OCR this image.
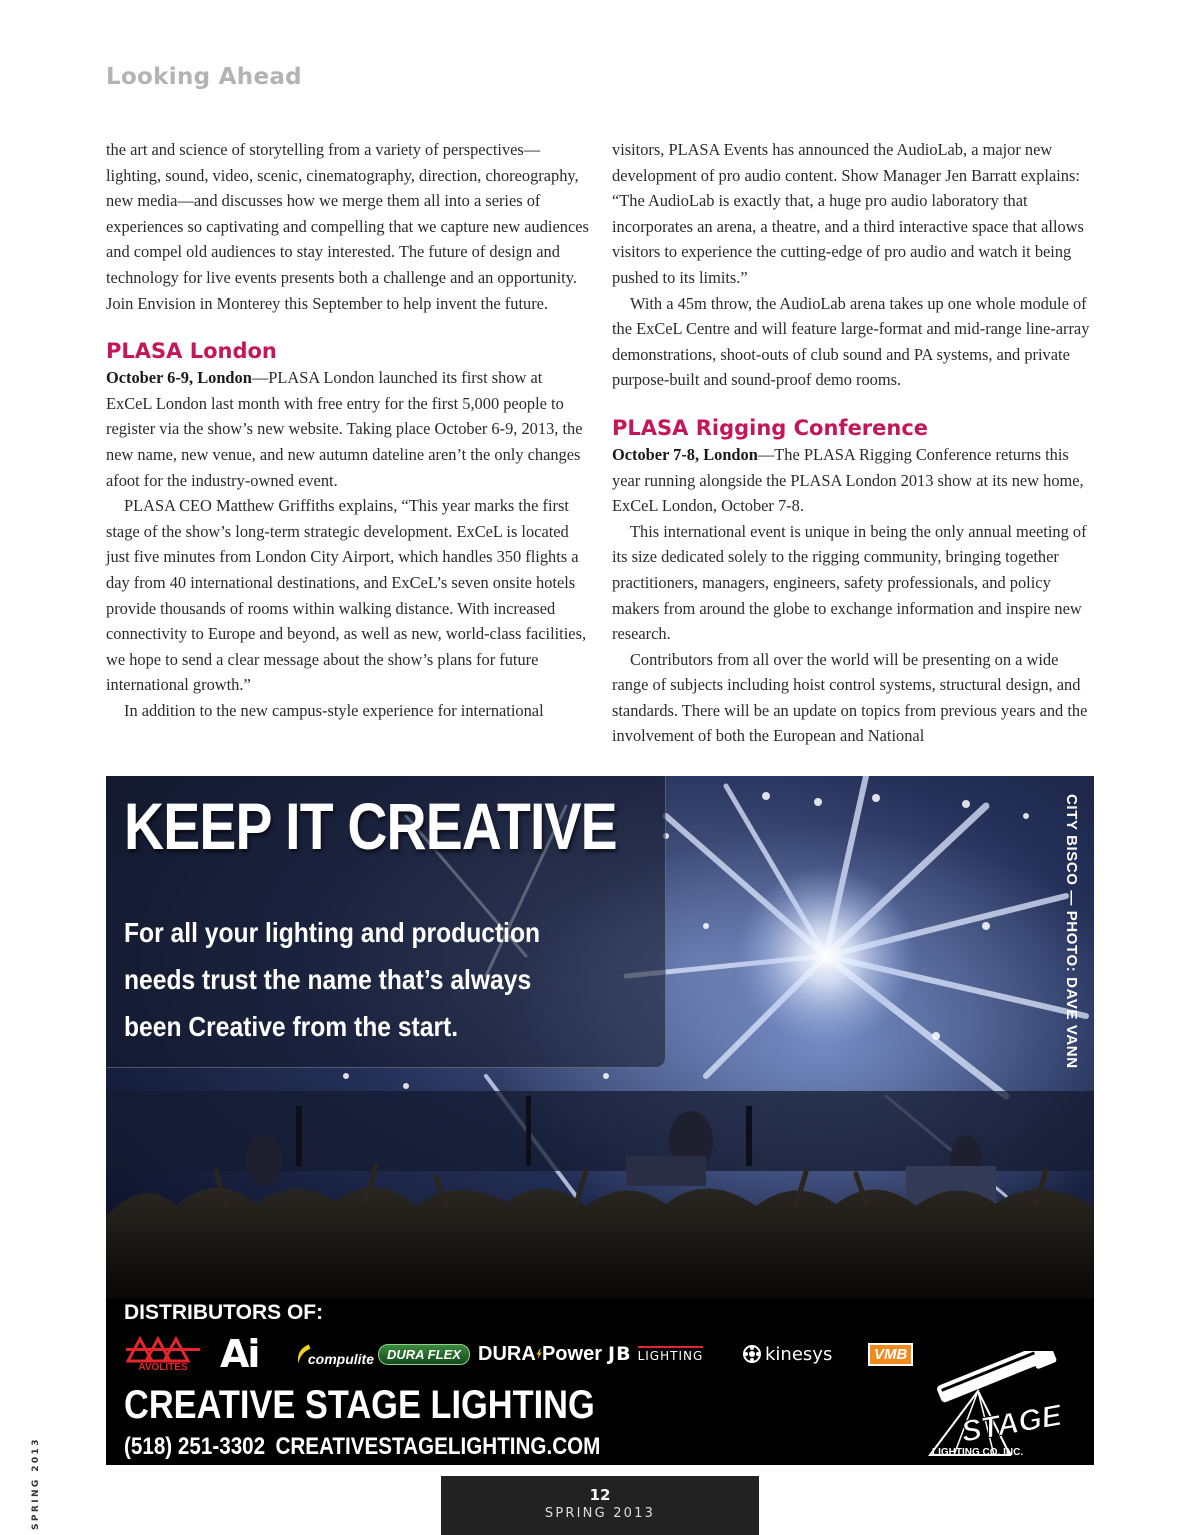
Looking Ahead

the art and science of storytelling from a variety of perspectives—lighting, sound, video, scenic, cinematography, direction, choreography, new media—and discusses how we merge them all into a series of experiences so captivating and compelling that we capture new audiences and compel old audiences to stay interested. The future of design and technology for live events presents both a challenge and an opportunity. Join Envision in Monterey this September to help invent the future.

PLASA London

October 6-9, London—PLASA London launched its first show at ExCeL London last month with free entry for the first 5,000 people to register via the show’s new website. Taking place October 6-9, 2013, the new name, new venue, and new autumn dateline aren’t the only changes afoot for the industry-owned event.

PLASA CEO Matthew Griffiths explains, “This year marks the first stage of the show’s long-term strategic development. ExCeL is located just five minutes from London City Airport, which handles 350 flights a day from 40 international destinations, and ExCeL’s seven onsite hotels provide thousands of rooms within walking distance. With increased connectivity to Europe and beyond, as well as new, world-class facilities, we hope to send a clear message about the show’s plans for future international growth.”

In addition to the new campus-style experience for international

visitors, PLASA Events has announced the AudioLab, a major new development of pro audio content. Show Manager Jen Barratt explains: “The AudioLab is exactly that, a huge pro audio laboratory that incorporates an arena, a theatre, and a third interactive space that allows visitors to experience the cutting-edge of pro audio and watch it being pushed to its limits.”

With a 45m throw, the AudioLab arena takes up one whole module of the ExCeL Centre and will feature large-format and mid-range line-array demonstrations, shoot-outs of club sound and PA systems, and private purpose-built and sound-proof demo rooms.

PLASA Rigging Conference

October 7-8, London—The PLASA Rigging Conference returns this year running alongside the PLASA London 2013 show at its new home, ExCeL London, October 7-8.

This international event is unique in being the only annual meeting of its size dedicated solely to the rigging community, bringing together practitioners, managers, engineers, safety professionals, and policy makers from around the globe to exchange information and inspire new research.

Contributors from all over the world will be presenting on a wide range of subjects including hoist control systems, structural design, and standards. There will be an update on topics from previous years and the involvement of both the European and National

KEEP IT CREATIVE
For all your lighting and production
needs trust the name that’s always
been Creative from the start.	CITY BISCO — PHOTO: DAVE VANN
DISTRIBUTORS OF:
AVOLITES Ai	compulite	DURA FLEX DURA Power JB LIGHTING	kinesys	VMB
CREATIVE STAGE LIGHTING
(518) 251-3302 CREATIVESTAGELIGHTING.COM	STAGE
LIGHTING CO. INC.
SPRING 2013	12
SPRING 2013
